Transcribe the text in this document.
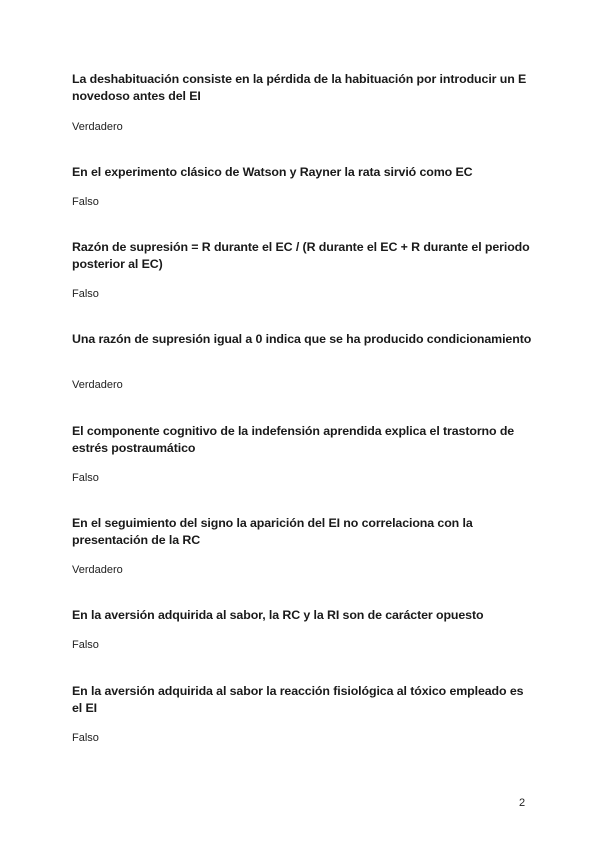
La deshabituación consiste en la pérdida de la habituación por introducir un E novedoso antes del EI

Verdadero

En el experimento clásico de Watson y Rayner la rata sirvió como EC

Falso

Razón de supresión = R durante el EC / (R durante el EC + R durante el periodo posterior al EC)

Falso

Una razón de supresión igual a 0 indica que se ha producido condicionamiento

Verdadero

El componente cognitivo de la indefensión aprendida explica el trastorno de estrés postraumático

Falso

En el seguimiento del signo la aparición del EI no correlaciona con la presentación de la RC

Verdadero

En la aversión adquirida al sabor, la RC y la RI son de carácter opuesto

Falso

En la aversión adquirida al sabor la reacción fisiológica al tóxico empleado es el EI

Falso
2
